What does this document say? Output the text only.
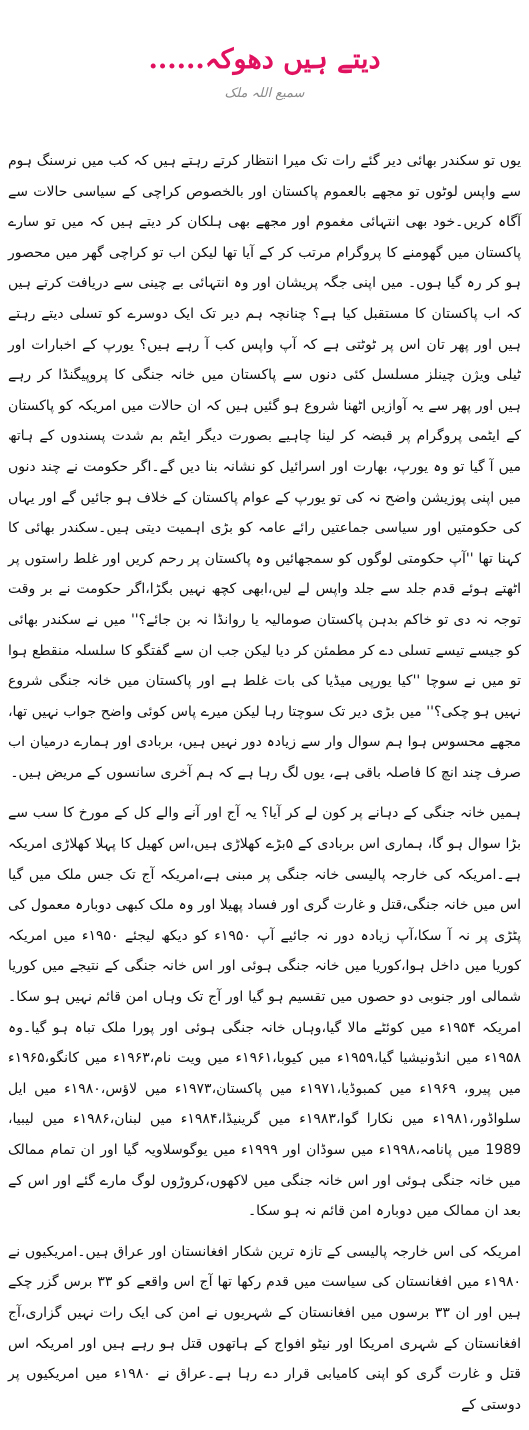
دیتے ہیں دھوکہ......
سمیع اللہ ملک

یوں تو سکندر بھائی دیر گئے رات تک میرا انتظار کرتے رہتے ہیں کہ کب میں نرسنگ ہوم سے واپس لوٹوں تو مجھے بالعموم پاکستان اور بالخصوص کراچی کے سیاسی حالات سے آگاہ کریں۔خود بھی انتہائی مغموم اور مجھے بھی ہلکان کر دیتے ہیں کہ میں تو سارے پاکستان میں گھومنے کا پروگرام مرتب کر کے آیا تھا لیکن اب تو کراچی گھر میں محصور ہو کر رہ گیا ہوں۔ میں اپنی جگہ پریشان اور وہ انتہائی بے چینی سے دریافت کرتے ہیں کہ اب پاکستان کا مستقبل کیا ہے؟ چنانچہ ہم دیر تک ایک دوسرے کو تسلی دیتے رہتے ہیں اور پھر تان اس پر ٹوٹتی ہے کہ آپ واپس کب آ رہے ہیں؟ یورپ کے اخبارات اور ٹیلی ویژن چینلز مسلسل کئی دنوں سے پاکستان میں خانہ جنگی کا پروپیگنڈا کر رہے ہیں اور پھر سے یہ آوازیں اٹھنا شروع ہو گئیں ہیں کہ ان حالات میں امریکہ کو پاکستان کے ایٹمی پروگرام پر قبضہ کر لینا چاہیے بصورت دیگر ایٹم بم شدت پسندوں کے ہاتھ میں آ گیا تو وہ یورپ، بھارت اور اسرائیل کو نشانہ بنا دیں گے۔اگر حکومت نے چند دنوں میں اپنی پوزیشن واضح نہ کی تو یورپ کے عوام پاکستان کے خلاف ہو جائیں گے اور یہاں کی حکومتیں اور سیاسی جماعتیں رائے عامہ کو بڑی اہمیت دیتی ہیں۔سکندر بھائی کا کہنا تھا ''آپ حکومتی لوگوں کو سمجھائیں وہ پاکستان پر رحم کریں اور غلط راستوں پر اٹھتے ہوئے قدم جلد سے جلد واپس لے لیں،ابھی کچھ نہیں بگڑا،اگر حکومت نے بر وقت توجہ نہ دی تو خاکم بدہن پاکستان صومالیہ یا روانڈا نہ بن جائے؟'' میں نے سکندر بھائی کو جیسے تیسے تسلی دے کر مطمئن کر دیا لیکن جب ان سے گفتگو کا سلسلہ منقطع ہوا تو میں نے سوچا ''کیا یورپی میڈیا کی بات غلط ہے اور پاکستان میں خانہ جنگی شروع نہیں ہو چکی؟'' میں بڑی دیر تک سوچتا رہا لیکن میرے پاس کوئی واضح جواب نہیں تھا، مجھے محسوس ہوا ہم سوال وار سے زیادہ دور نہیں ہیں، بربادی اور ہمارے درمیان اب صرف چند انچ کا فاصلہ باقی ہے، یوں لگ رہا ہے کہ ہم آخری سانسوں کے مریض ہیں۔

ہمیں خانہ جنگی کے دہانے پر کون لے کر آیا؟ یہ آج اور آنے والے کل کے مورخ کا سب سے بڑا سوال ہو گا، ہماری اس بربادی کے ۵بڑے کھلاڑی ہیں،اس کھیل کا پہلا کھلاڑی امریکہ ہے۔امریکہ کی خارجہ پالیسی خانہ جنگی پر مبنی ہے،امریکہ آج تک جس ملک میں گیا اس میں خانہ جنگی،قتل و غارت گری اور فساد پھیلا اور وہ ملک کبھی دوبارہ معمول کی پٹڑی پر نہ آ سکا،آپ زیادہ دور نہ جائیے آپ ۱۹۵۰ء کو دیکھ لیجئے ۱۹۵۰ء میں امریکہ کوریا میں داخل ہوا،کوریا میں خانہ جنگی ہوئی اور اس خانہ جنگی کے نتیجے میں کوریا شمالی اور جنوبی دو حصوں میں تقسیم ہو گیا اور آج تک وہاں امن قائم نہیں ہو سکا۔امریکہ ۱۹۵۴ء میں کوئٹے مالا گیا،وہاں خانہ جنگی ہوئی اور پورا ملک تباہ ہو گیا۔وہ ۱۹۵۸ء میں انڈونیشیا گیا،۱۹۵۹ء میں کیوبا،۱۹۶۱ء میں ویت نام،۱۹۶۳ء میں کانگو،۱۹۶۵ء میں پیرو، ۱۹۶۹ء میں کمبوڈیا،۱۹۷۱ء میں پاکستان،۱۹۷۳ء میں لاؤس،۱۹۸۰ء میں ایل سلواڈور،۱۹۸۱ء میں نکارا گوا،۱۹۸۳ء میں گرینیڈا،۱۹۸۴ء میں لبنان،۱۹۸۶ء میں لیبیا، 1989 میں پانامہ،۱۹۹۸ء میں سوڈان اور ۱۹۹۹ء میں یوگوسلاویہ گیا اور ان تمام ممالک میں خانہ جنگی ہوئی اور اس خانہ جنگی میں لاکھوں،کروڑوں لوگ مارے گئے اور اس کے بعد ان ممالک میں دوبارہ امن قائم نہ ہو سکا۔

امریکہ کی اس خارجہ پالیسی کے تازہ ترین شکار افغانستان اور عراق ہیں۔امریکیوں نے ۱۹۸۰ء میں افغانستان کی سیاست میں قدم رکھا تھا آج اس واقعے کو ۳۳ برس گزر چکے ہیں اور ان ۳۳ برسوں میں افغانستان کے شہریوں نے امن کی ایک رات نہیں گزاری،آج افغانستان کے شہری امریکا اور نیٹو افواج کے ہاتھوں قتل ہو رہے ہیں اور امریکہ اس قتل و غارت گری کو اپنی کامیابی قرار دے رہا ہے۔عراق نے ۱۹۸۰ء میں امریکیوں پر دوستی کے
